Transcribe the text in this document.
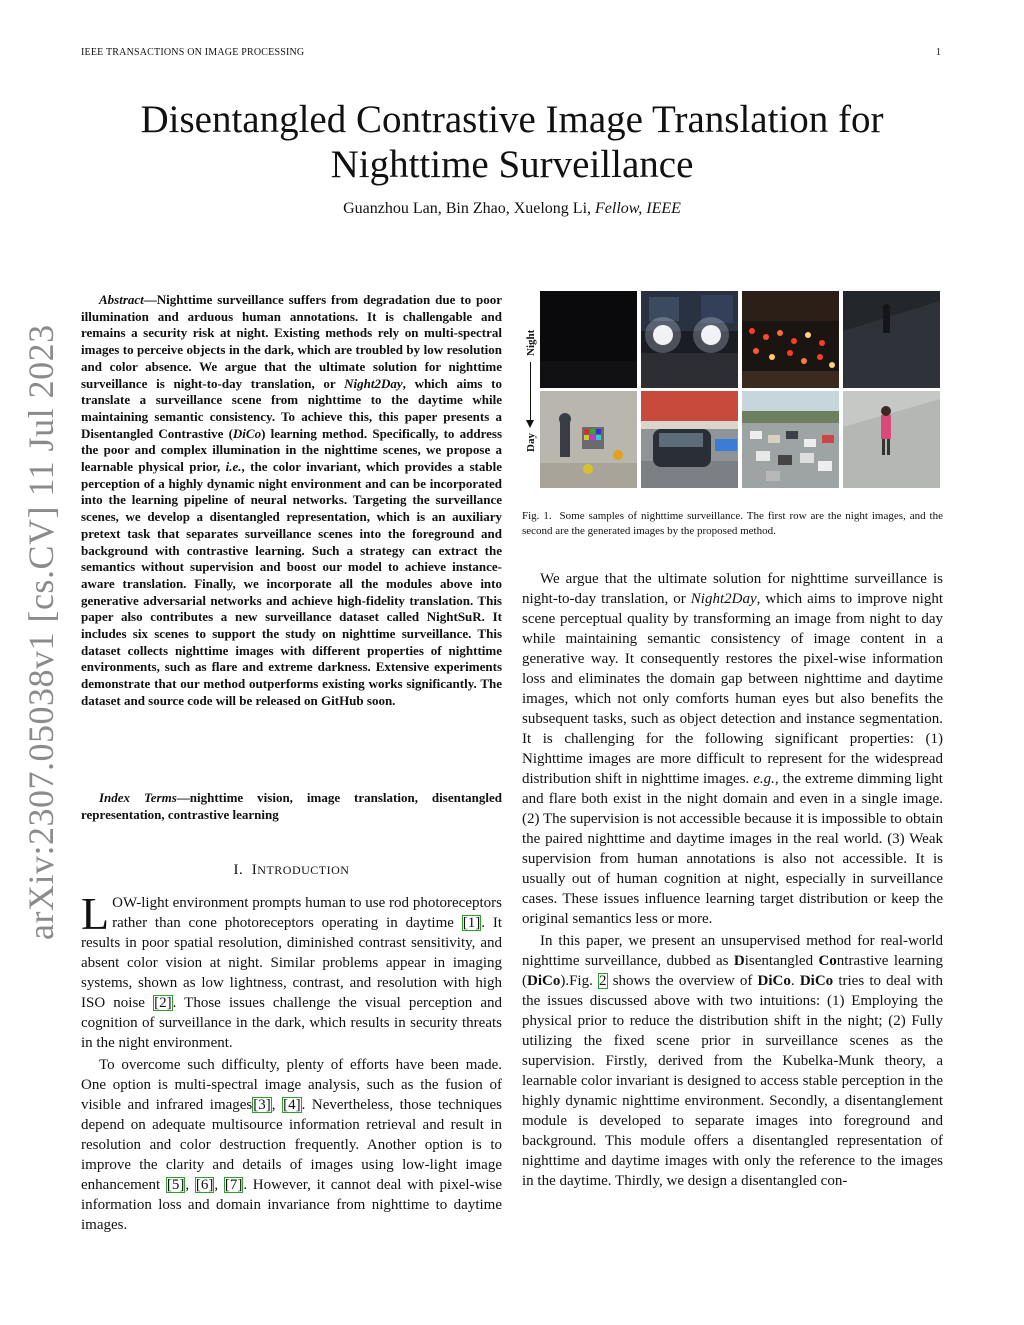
IEEE TRANSACTIONS ON IMAGE PROCESSING	1
arXiv:2307.05038v1 [cs.CV] 11 Jul 2023
Disentangled Contrastive Image Translation for Nighttime Surveillance
Guanzhou Lan, Bin Zhao, Xuelong Li, Fellow, IEEE

Abstract—Nighttime surveillance suffers from degradation due to poor illumination and arduous human annotations. It is challengable and remains a security risk at night. Existing methods rely on multi-spectral images to perceive objects in the dark, which are troubled by low resolution and color absence. We argue that the ultimate solution for nighttime surveillance is night-to-day translation, or Night2Day, which aims to translate a surveillance scene from nighttime to the daytime while maintaining semantic consistency. To achieve this, this paper presents a Disentangled Contrastive (DiCo) learning method. Specifically, to address the poor and complex illumination in the nighttime scenes, we propose a learnable physical prior, i.e., the color invariant, which provides a stable perception of a highly dynamic night environment and can be incorporated into the learning pipeline of neural networks. Targeting the surveillance scenes, we develop a disentangled representation, which is an auxiliary pretext task that separates surveillance scenes into the foreground and background with contrastive learning. Such a strategy can extract the semantics without supervision and boost our model to achieve instance-aware translation. Finally, we incorporate all the modules above into generative adversarial networks and achieve high-fidelity translation. This paper also contributes a new surveillance dataset called NightSuR. It includes six scenes to support the study on nighttime surveillance. This dataset collects nighttime images with different properties of nighttime environments, such as flare and extreme darkness. Extensive experiments demonstrate that our method outperforms existing works significantly. The dataset and source code will be released on GitHub soon.

Index Terms—nighttime vision, image translation, disentangled representation, contrastive learning

I. INTRODUCTION

LOW-light environment prompts human to use rod photoreceptors rather than cone photoreceptors operating in daytime [1]. It results in poor spatial resolution, diminished contrast sensitivity, and absent color vision at night. Similar problems appear in imaging systems, shown as low lightness, contrast, and resolution with high ISO noise [2]. Those issues challenge the visual perception and cognition of surveillance in the dark, which results in security threats in the night environment.

To overcome such difficulty, plenty of efforts have been made. One option is multi-spectral image analysis, such as the fusion of visible and infrared images[3], [4]. Nevertheless, those techniques depend on adequate multisource information retrieval and result in resolution and color destruction frequently. Another option is to improve the clarity and details of images using low-light image enhancement [5], [6], [7]. However, it cannot deal with pixel-wise information loss and domain invariance from nighttime to daytime images.

Night
Day
Fig. 1. Some samples of nighttime surveillance. The first row are the night images, and the second are the generated images by the proposed method.

We argue that the ultimate solution for nighttime surveillance is night-to-day translation, or Night2Day, which aims to improve night scene perceptual quality by transforming an image from night to day while maintaining semantic consistency of image content in a generative way. It consequently restores the pixel-wise information loss and eliminates the domain gap between nighttime and daytime images, which not only comforts human eyes but also benefits the subsequent tasks, such as object detection and instance segmentation. It is challenging for the following significant properties: (1) Nighttime images are more difficult to represent for the widespread distribution shift in nighttime images. e.g., the extreme dimming light and flare both exist in the night domain and even in a single image. (2) The supervision is not accessible because it is impossible to obtain the paired nighttime and daytime images in the real world. (3) Weak supervision from human annotations is also not accessible. It is usually out of human cognition at night, especially in surveillance cases. These issues influence learning target distribution or keep the original semantics less or more.

In this paper, we present an unsupervised method for real-world nighttime surveillance, dubbed as Disentangled Contrastive learning (DiCo).Fig. 2 shows the overview of DiCo. DiCo tries to deal with the issues discussed above with two intuitions: (1) Employing the physical prior to reduce the distribution shift in the night; (2) Fully utilizing the fixed scene prior in surveillance scenes as the supervision. Firstly, derived from the Kubelka-Munk theory, a learnable color invariant is designed to access stable perception in the highly dynamic nighttime environment. Secondly, a disentanglement module is developed to separate images into foreground and background. This module offers a disentangled representation of nighttime and daytime images with only the reference to the images in the daytime. Thirdly, we design a disentangled con-
